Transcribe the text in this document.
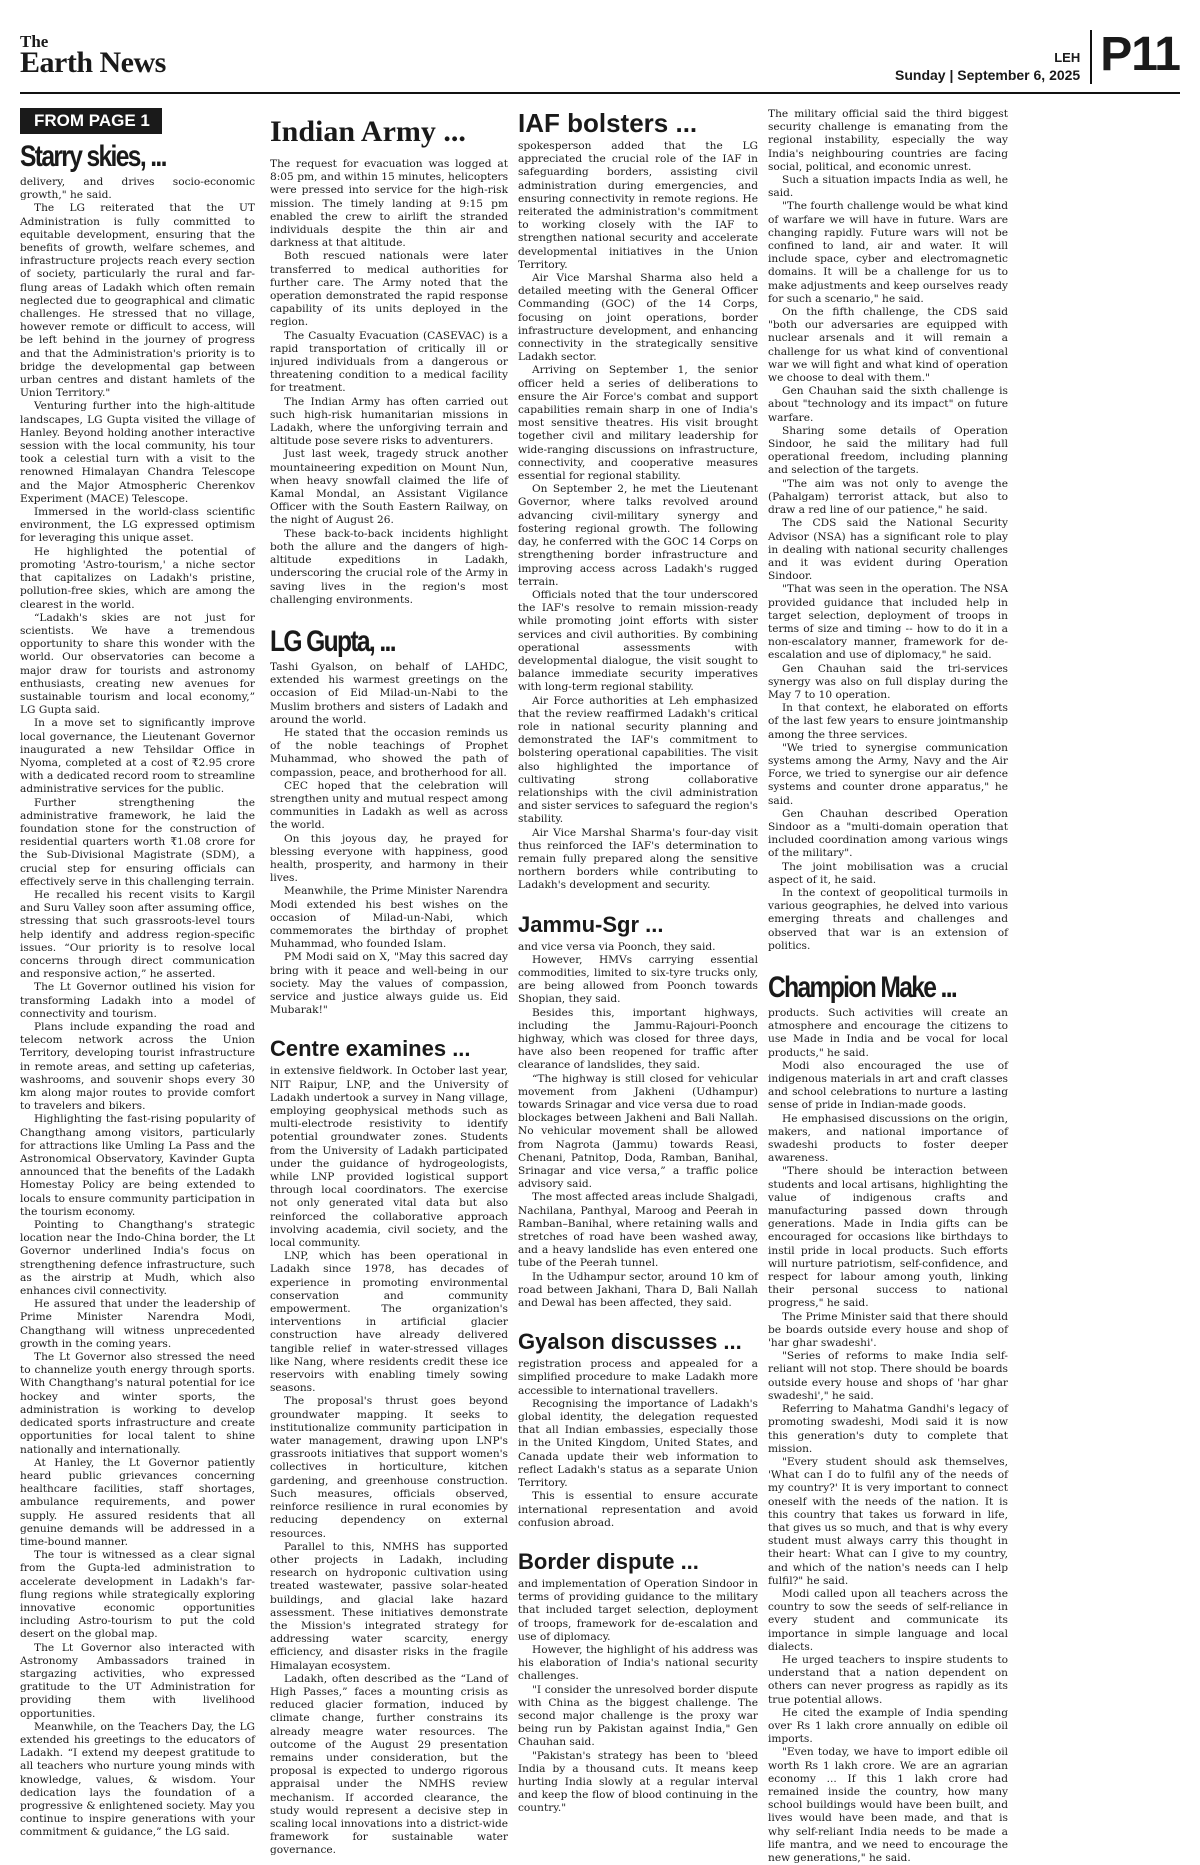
The
Earth News	LEH
Sunday | September 6, 2025 P11
FROM PAGE 1
Starry skies, ...

delivery, and drives socio-economic growth," he said.

The LG reiterated that the UT Administration is fully committed to equitable development, ensuring that the benefits of growth, welfare schemes, and infrastructure projects reach every section of society, particularly the rural and far-flung areas of Ladakh which often remain neglected due to geographical and climatic challenges. He stressed that no village, however remote or difficult to access, will be left behind in the journey of progress and that the Administration's priority is to bridge the developmental gap between urban centres and distant hamlets of the Union Territory."

Venturing further into the high-altitude landscapes, LG Gupta visited the village of Hanley. Beyond holding another interactive session with the local community, his tour took a celestial turn with a visit to the renowned Himalayan Chandra Telescope and the Major Atmospheric Cherenkov Experiment (MACE) Telescope.

Immersed in the world-class scientific environment, the LG expressed optimism for leveraging this unique asset.

He highlighted the potential of promoting 'Astro-tourism,' a niche sector that capitalizes on Ladakh's pristine, pollution-free skies, which are among the clearest in the world.

“Ladakh's skies are not just for scientists. We have a tremendous opportunity to share this wonder with the world. Our observatories can become a major draw for tourists and astronomy enthusiasts, creating new avenues for sustainable tourism and local economy,” LG Gupta said.

In a move set to significantly improve local governance, the Lieutenant Governor inaugurated a new Tehsildar Office in Nyoma, completed at a cost of ₹2.95 crore with a dedicated record room to streamline administrative services for the public.

Further strengthening the administrative framework, he laid the foundation stone for the construction of residential quarters worth ₹1.08 crore for the Sub-Divisional Magistrate (SDM), a crucial step for ensuring officials can effectively serve in this challenging terrain.

He recalled his recent visits to Kargil and Suru Valley soon after assuming office, stressing that such grassroots-level tours help identify and address region-specific issues. “Our priority is to resolve local concerns through direct communication and responsive action,” he asserted.

The Lt Governor outlined his vision for transforming Ladakh into a model of connectivity and tourism.

Plans include expanding the road and telecom network across the Union Territory, developing tourist infrastructure in remote areas, and setting up cafeterias, washrooms, and souvenir shops every 30 km along major routes to provide comfort to travelers and bikers.

Highlighting the fast-rising popularity of Changthang among visitors, particularly for attractions like Umling La Pass and the Astronomical Observatory, Kavinder Gupta announced that the benefits of the Ladakh Homestay Policy are being extended to locals to ensure community participation in the tourism economy.

Pointing to Changthang's strategic location near the Indo-China border, the Lt Governor underlined India's focus on strengthening defence infrastructure, such as the airstrip at Mudh, which also enhances civil connectivity.

He assured that under the leadership of Prime Minister Narendra Modi, Changthang will witness unprecedented growth in the coming years.

The Lt Governor also stressed the need to channelize youth energy through sports. With Changthang's natural potential for ice hockey and winter sports, the administration is working to develop dedicated sports infrastructure and create opportunities for local talent to shine nationally and internationally.

At Hanley, the Lt Governor patiently heard public grievances concerning healthcare facilities, staff shortages, ambulance requirements, and power supply. He assured residents that all genuine demands will be addressed in a time-bound manner.

The tour is witnessed as a clear signal from the Gupta-led administration to accelerate development in Ladakh's far-flung regions while strategically exploring innovative economic opportunities including Astro-tourism to put the cold desert on the global map.

The Lt Governor also interacted with Astronomy Ambassadors trained in stargazing activities, who expressed gratitude to the UT Administration for providing them with livelihood opportunities.

Meanwhile, on the Teachers Day, the LG extended his greetings to the educators of Ladakh. “I extend my deepest gratitude to all teachers who nurture young minds with knowledge, values, & wisdom. Your dedication lays the foundation of a progressive & enlightened society. May you continue to inspire generations with your commitment & guidance,” the LG said.

Indian Army ...

The request for evacuation was logged at 8:05 pm, and within 15 minutes, helicopters were pressed into service for the high-risk mission. The timely landing at 9:15 pm enabled the crew to airlift the stranded individuals despite the thin air and darkness at that altitude.

Both rescued nationals were later transferred to medical authorities for further care. The Army noted that the operation demonstrated the rapid response capability of its units deployed in the region.

The Casualty Evacuation (CASEVAC) is a rapid transportation of critically ill or injured individuals from a dangerous or threatening condition to a medical facility for treatment.

The Indian Army has often carried out such high-risk humanitarian missions in Ladakh, where the unforgiving terrain and altitude pose severe risks to adventurers.

Just last week, tragedy struck another mountaineering expedition on Mount Nun, when heavy snowfall claimed the life of Kamal Mondal, an Assistant Vigilance Officer with the South Eastern Railway, on the night of August 26.

These back-to-back incidents highlight both the allure and the dangers of high-altitude expeditions in Ladakh, underscoring the crucial role of the Army in saving lives in the region's most challenging environments.

LG Gupta, ...

Tashi Gyalson, on behalf of LAHDC, extended his warmest greetings on the occasion of Eid Milad-un-Nabi to the Muslim brothers and sisters of Ladakh and around the world.

He stated that the occasion reminds us of the noble teachings of Prophet Muhammad, who showed the path of compassion, peace, and brotherhood for all.

CEC hoped that the celebration will strengthen unity and mutual respect among communities in Ladakh as well as across the world.

On this joyous day, he prayed for blessing everyone with happiness, good health, prosperity, and harmony in their lives.

Meanwhile, the Prime Minister Narendra Modi extended his best wishes on the occasion of Milad-un-Nabi, which commemorates the birthday of prophet Muhammad, who founded Islam.

PM Modi said on X, "May this sacred day bring with it peace and well-being in our society. May the values of compassion, service and justice always guide us. Eid Mubarak!"

Centre examines ...

in extensive fieldwork. In October last year, NIT Raipur, LNP, and the University of Ladakh undertook a survey in Nang village, employing geophysical methods such as multi-electrode resistivity to identify potential groundwater zones. Students from the University of Ladakh participated under the guidance of hydrogeologists, while LNP provided logistical support through local coordinators. The exercise not only generated vital data but also reinforced the collaborative approach involving academia, civil society, and the local community.

LNP, which has been operational in Ladakh since 1978, has decades of experience in promoting environmental conservation and community empowerment. The organization's interventions in artificial glacier construction have already delivered tangible relief in water-stressed villages like Nang, where residents credit these ice reservoirs with enabling timely sowing seasons.

The proposal's thrust goes beyond groundwater mapping. It seeks to institutionalize community participation in water management, drawing upon LNP's grassroots initiatives that support women's collectives in horticulture, kitchen gardening, and greenhouse construction. Such measures, officials observed, reinforce resilience in rural economies by reducing dependency on external resources.

Parallel to this, NMHS has supported other projects in Ladakh, including research on hydroponic cultivation using treated wastewater, passive solar-heated buildings, and glacial lake hazard assessment. These initiatives demonstrate the Mission's integrated strategy for addressing water scarcity, energy efficiency, and disaster risks in the fragile Himalayan ecosystem.

Ladakh, often described as the “Land of High Passes,” faces a mounting crisis as reduced glacier formation, induced by climate change, further constrains its already meagre water resources. The outcome of the August 29 presentation remains under consideration, but the proposal is expected to undergo rigorous appraisal under the NMHS review mechanism. If accorded clearance, the study would represent a decisive step in scaling local innovations into a district-wide framework for sustainable water governance.

IAF bolsters ...

spokesperson added that the LG appreciated the crucial role of the IAF in safeguarding borders, assisting civil administration during emergencies, and ensuring connectivity in remote regions. He reiterated the administration's commitment to working closely with the IAF to strengthen national security and accelerate developmental initiatives in the Union Territory.

Air Vice Marshal Sharma also held a detailed meeting with the General Officer Commanding (GOC) of the 14 Corps, focusing on joint operations, border infrastructure development, and enhancing connectivity in the strategically sensitive Ladakh sector.

Arriving on September 1, the senior officer held a series of deliberations to ensure the Air Force's combat and support capabilities remain sharp in one of India's most sensitive theatres. His visit brought together civil and military leadership for wide-ranging discussions on infrastructure, connectivity, and cooperative measures essential for regional stability.

On September 2, he met the Lieutenant Governor, where talks revolved around advancing civil-military synergy and fostering regional growth. The following day, he conferred with the GOC 14 Corps on strengthening border infrastructure and improving access across Ladakh's rugged terrain.

Officials noted that the tour underscored the IAF's resolve to remain mission-ready while promoting joint efforts with sister services and civil authorities. By combining operational assessments with developmental dialogue, the visit sought to balance immediate security imperatives with long-term regional stability.

Air Force authorities at Leh emphasized that the review reaffirmed Ladakh's critical role in national security planning and demonstrated the IAF's commitment to bolstering operational capabilities. The visit also highlighted the importance of cultivating strong collaborative relationships with the civil administration and sister services to safeguard the region's stability.

Air Vice Marshal Sharma's four-day visit thus reinforced the IAF's determination to remain fully prepared along the sensitive northern borders while contributing to Ladakh's development and security.

Jammu-Sgr ...

and vice versa via Poonch, they said.

However, HMVs carrying essential commodities, limited to six-tyre trucks only, are being allowed from Poonch towards Shopian, they said.

Besides this, important highways, including the Jammu-Rajouri-Poonch highway, which was closed for three days, have also been reopened for traffic after clearance of landslides, they said.

“The highway is still closed for vehicular movement from Jakheni (Udhampur) towards Srinagar and vice versa due to road blockages between Jakheni and Bali Nallah. No vehicular movement shall be allowed from Nagrota (Jammu) towards Reasi, Chenani, Patnitop, Doda, Ramban, Banihal, Srinagar and vice versa,” a traffic police advisory said.

The most affected areas include Shalgadi, Nachilana, Panthyal, Maroog and Peerah in Ramban–Banihal, where retaining walls and stretches of road have been washed away, and a heavy landslide has even entered one tube of the Peerah tunnel.

In the Udhampur sector, around 10 km of road between Jakhani, Thara D, Bali Nallah and Dewal has been affected, they said.

Gyalson discusses ...

registration process and appealed for a simplified procedure to make Ladakh more accessible to international travellers.

Recognising the importance of Ladakh's global identity, the delegation requested that all Indian embassies, especially those in the United Kingdom, United States, and Canada update their web information to reflect Ladakh's status as a separate Union Territory.

This is essential to ensure accurate international representation and avoid confusion abroad.

Border dispute ...

and implementation of Operation Sindoor in terms of providing guidance to the military that included target selection, deployment of troops, framework for de-escalation and use of diplomacy.

However, the highlight of his address was his elaboration of India's national security challenges.

"I consider the unresolved border dispute with China as the biggest challenge. The second major challenge is the proxy war being run by Pakistan against India," Gen Chauhan said.

"Pakistan's strategy has been to 'bleed India by a thousand cuts. It means keep hurting India slowly at a regular interval and keep the flow of blood continuing in the country."

The military official said the third biggest security challenge is emanating from the regional instability, especially the way India's neighbouring countries are facing social, political, and economic unrest.

Such a situation impacts India as well, he said.

"The fourth challenge would be what kind of warfare we will have in future. Wars are changing rapidly. Future wars will not be confined to land, air and water. It will include space, cyber and electromagnetic domains. It will be a challenge for us to make adjustments and keep ourselves ready for such a scenario," he said.

On the fifth challenge, the CDS said "both our adversaries are equipped with nuclear arsenals and it will remain a challenge for us what kind of conventional war we will fight and what kind of operation we choose to deal with them."

Gen Chauhan said the sixth challenge is about "technology and its impact" on future warfare.

Sharing some details of Operation Sindoor, he said the military had full operational freedom, including planning and selection of the targets.

"The aim was not only to avenge the (Pahalgam) terrorist attack, but also to draw a red line of our patience," he said.

The CDS said the National Security Advisor (NSA) has a significant role to play in dealing with national security challenges and it was evident during Operation Sindoor.

"That was seen in the operation. The NSA provided guidance that included help in target selection, deployment of troops in terms of size and timing -- how to do it in a non-escalatory manner, framework for de-escalation and use of diplomacy," he said.

Gen Chauhan said the tri-services synergy was also on full display during the May 7 to 10 operation.

In that context, he elaborated on efforts of the last few years to ensure jointmanship among the three services.

"We tried to synergise communication systems among the Army, Navy and the Air Force, we tried to synergise our air defence systems and counter drone apparatus," he said.

Gen Chauhan described Operation Sindoor as a "multi-domain operation that included coordination among various wings of the military".

The joint mobilisation was a crucial aspect of it, he said.

In the context of geopolitical turmoils in various geographies, he delved into various emerging threats and challenges and observed that war is an extension of politics.

Champion Make ...

products. Such activities will create an atmosphere and encourage the citizens to use Made in India and be vocal for local products," he said.

Modi also encouraged the use of indigenous materials in art and craft classes and school celebrations to nurture a lasting sense of pride in Indian-made goods.

He emphasised discussions on the origin, makers, and national importance of swadeshi products to foster deeper awareness.

"There should be interaction between students and local artisans, highlighting the value of indigenous crafts and manufacturing passed down through generations. Made in India gifts can be encouraged for occasions like birthdays to instil pride in local products. Such efforts will nurture patriotism, self-confidence, and respect for labour among youth, linking their personal success to national progress," he said.

The Prime Minister said that there should be boards outside every house and shop of 'har ghar swadeshi'.

"Series of reforms to make India self-reliant will not stop. There should be boards outside every house and shops of 'har ghar swadeshi'," he said.

Referring to Mahatma Gandhi's legacy of promoting swadeshi, Modi said it is now this generation's duty to complete that mission.

"Every student should ask themselves, 'What can I do to fulfil any of the needs of my country?' It is very important to connect oneself with the needs of the nation. It is this country that takes us forward in life, that gives us so much, and that is why every student must always carry this thought in their heart: What can I give to my country, and which of the nation's needs can I help fulfil?" he said.

Modi called upon all teachers across the country to sow the seeds of self-reliance in every student and communicate its importance in simple language and local dialects.

He urged teachers to inspire students to understand that a nation dependent on others can never progress as rapidly as its true potential allows.

He cited the example of India spending over Rs 1 lakh crore annually on edible oil imports.

"Even today, we have to import edible oil worth Rs 1 lakh crore. We are an agrarian economy ... If this 1 lakh crore had remained inside the country, how many school buildings would have been built, and lives would have been made, and that is why self-reliant India needs to be made a life mantra, and we need to encourage the new generations," he said.
